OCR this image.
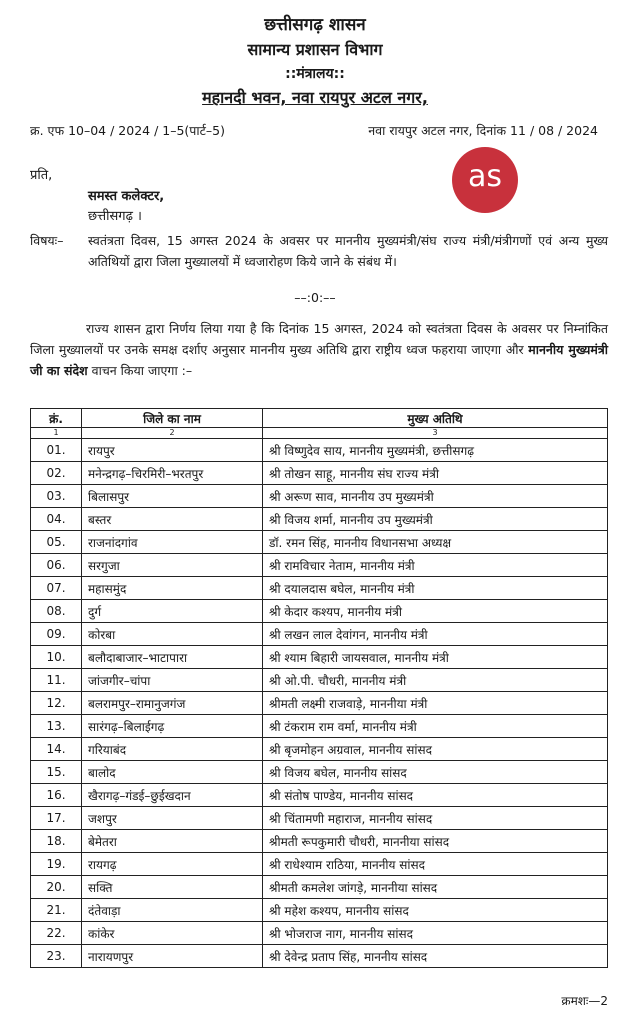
छत्तीसगढ़ शासन
सामान्य प्रशासन विभाग
::मंत्रालय::
महानदी भवन, नवा रायपुर अटल नगर,
क्र. एफ 10–04 / 2024 / 1–5(पार्ट–5)	नवा रायपुर अटल नगर, दिनांक 11 / 08 / 2024
प्रति,
समस्त कलेक्टर,
छत्तीसगढ़ ।
as
विषयः– स्वतंत्रता दिवस, 15 अगस्त 2024 के अवसर पर माननीय मुख्यमंत्री/संघ राज्य मंत्री/मंत्रीगणों एवं अन्य मुख्य अतिथियों द्वारा जिला मुख्यालयों में ध्वजारोहण किये जाने के संबंध में।
––:0:––
राज्य शासन द्वारा निर्णय लिया गया है कि दिनांक 15 अगस्त, 2024 को स्वतंत्रता दिवस के अवसर पर निम्नांकित जिला मुख्यालयों पर उनके समक्ष दर्शाए अनुसार माननीय मुख्य अतिथि द्वारा राष्ट्रीय ध्वज फहराया जाएगा और माननीय मुख्यमंत्री जी का संदेश वाचन किया जाएगा :–
क्रं.	जिले का नाम	मुख्य अतिथि
1	2	3
01.	रायपुर	श्री विष्णुदेव साय, माननीय मुख्यमंत्री, छत्तीसगढ़
02.	मनेन्द्रगढ़–चिरमिरी–भरतपुर	श्री तोखन साहू, माननीय संघ राज्य मंत्री
03.	बिलासपुर	श्री अरूण साव, माननीय उप मुख्यमंत्री
04.	बस्तर	श्री विजय शर्मा, माननीय उप मुख्यमंत्री
05.	राजनांदगांव	डॉ. रमन सिंह, माननीय विधानसभा अध्यक्ष
06.	सरगुजा	श्री रामविचार नेताम, माननीय मंत्री
07.	महासमुंद	श्री दयालदास बघेल, माननीय मंत्री
08.	दुर्ग	श्री केदार कश्यप, माननीय मंत्री
09.	कोरबा	श्री लखन लाल देवांगन, माननीय मंत्री
10.	बलौदाबाजार–भाटापारा	श्री श्याम बिहारी जायसवाल, माननीय मंत्री
11.	जांजगीर–चांपा	श्री ओ.पी. चौधरी, माननीय मंत्री
12.	बलरामपुर–रामानुजगंज	श्रीमती लक्ष्मी राजवाड़े, माननीया मंत्री
13.	सारंगढ़–बिलाईगढ़	श्री टंकराम राम वर्मा, माननीय मंत्री
14.	गरियाबंद	श्री बृजमोहन अग्रवाल, माननीय सांसद
15.	बालोद	श्री विजय बघेल, माननीय सांसद
16.	खैरागढ़–गंडई–छुईखदान	श्री संतोष पाण्डेय, माननीय सांसद
17.	जशपुर	श्री चिंतामणी महाराज, माननीय सांसद
18.	बेमेतरा	श्रीमती रूपकुमारी चौधरी, माननीया सांसद
19.	रायगढ़	श्री राधेश्याम राठिया, माननीय सांसद
20.	सक्ति	श्रीमती कमलेश जांगड़े, माननीया सांसद
21.	दंतेवाड़ा	श्री महेश कश्यप, माननीय सांसद
22.	कांकेर	श्री भोजराज नाग, माननीय सांसद
23.	नारायणपुर	श्री देवेन्द्र प्रताप सिंह, माननीय सांसद
क्रमशः—2
